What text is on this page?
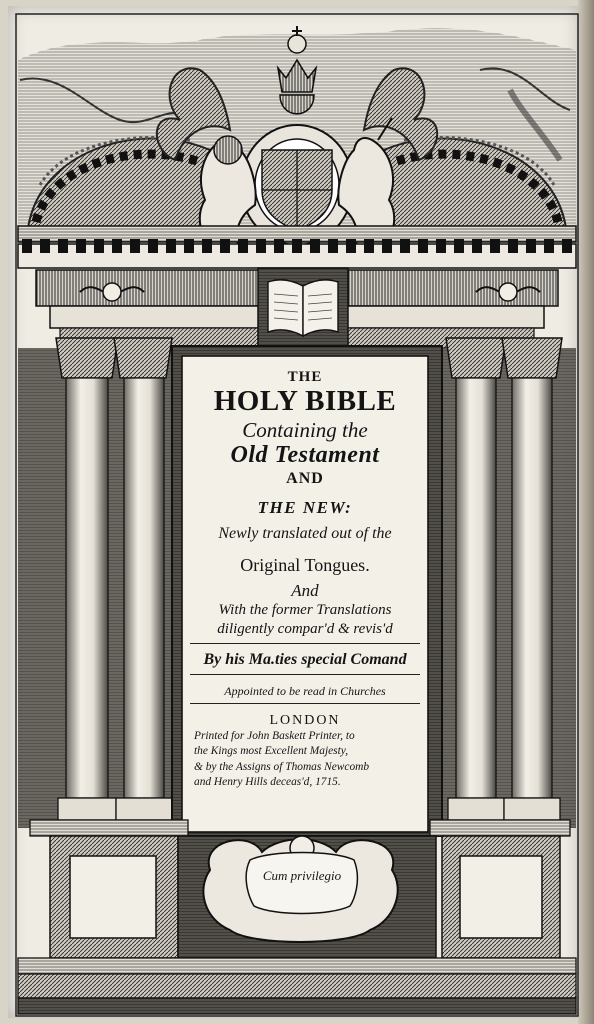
THE
HOLY BIBLE
Containing the
Old Testament
AND
THE NEW:
Newly translated out of the
Original Tongues.
And
With the former Translations
diligently compar'd & revis'd
By his Ma.ties special Comand
Appointed to be read in Churches
LONDON
Printed for John Baskett Printer, to
the Kings most Excellent Majesty,
& by the Assigns of Thomas Newcomb
and Henry Hills deceas'd, 1715.
Cum privilegio
